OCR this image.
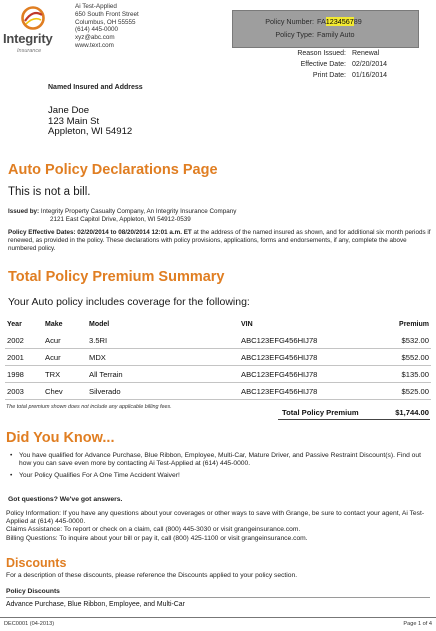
Integrity
Insurance
Ai Test-Applied
650 South Front Street
Columbus, OH 55555
(614) 445-0000
xyz@abc.com
www.text.com
Policy Number: FA123456789
Policy Type: Family Auto
Reason Issued: Renewal
Effective Date: 02/20/2014
Print Date: 01/16/2014
Named Insured and Address
Jane Doe
123 Main St
Appleton, WI 54912
Auto Policy Declarations Page
This is not a bill.
Issued by: Integrity Property Casualty Company, An Integrity Insurance Company
2121 East Capitol Drive, Appleton, WI 54912-0539
Policy Effective Dates: 02/20/2014 to 08/20/2014 12:01 a.m. ET at the address of the named insured as shown, and for additional six month periods if renewed, as provided in the policy. These declarations with policy provisions, applications, forms and endorsements, if any, complete the above numbered policy.
Total Policy Premium Summary
Your Auto policy includes coverage for the following:
Year	Make	Model	VIN	Premium
2002	Acur	3.5RI	ABC123EFG456HIJ78	$532.00
2001	Acur	MDX	ABC123EFG456HIJ78	$552.00
1998	TRX	All Terrain	ABC123EFG456HIJ78	$135.00
2003	Chev	Silverado	ABC123EFG456HIJ78	$525.00
The total premium shown does not include any applicable billing fees.
Total Policy Premium	$1,744.00
Did You Know...
• You have qualified for Advance Purchase, Blue Ribbon, Employee, Multi-Car, Mature Driver, and Passive Restraint Discount(s). Find out how you can save even more by contacting Ai Test-Applied at (614) 445-0000.
• Your Policy Qualifies For A One Time Accident Waiver!
Got questions? We've got answers.
Policy Information: If you have any questions about your coverages or other ways to save with Grange, be sure to contact your agent, Ai Test-Applied at (614) 445-0000.
Claims Assistance: To report or check on a claim, call (800) 445-3030 or visit grangeinsurance.com.
Billing Questions: To inquire about your bill or pay it, call (800) 425-1100 or visit grangeinsurance.com.
Discounts
For a description of these discounts, please reference the Discounts applied to your policy section.
Policy Discounts
Advance Purchase, Blue Ribbon, Employee, and Multi-Car
DEC0001 (04-2013)	Page 1 of 4
